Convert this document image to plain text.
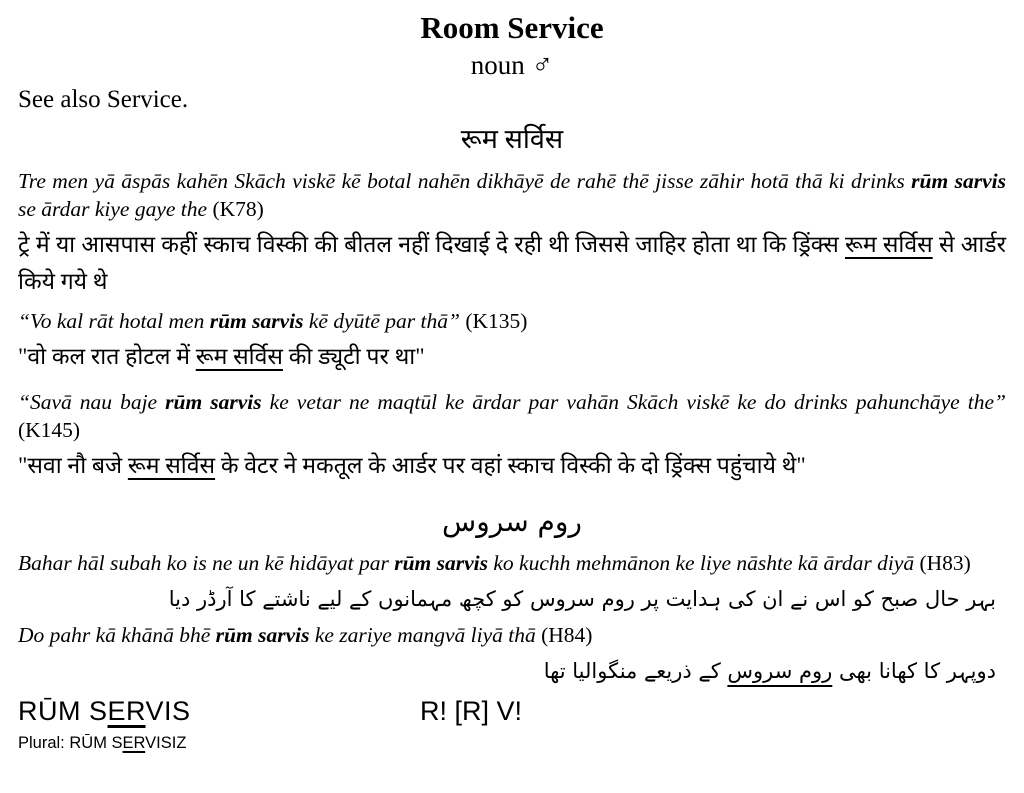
Room Service
noun ♂
See also Service.
रूम सर्विस

Tre men yā āspās kahēn Skāch viskē kē botal nahēn dikhāyē de rahē thē jisse zāhir hotā thā ki drinks rūm sarvis se ārdar kiye gaye the (K78)

ट्रे में या आसपास कहीं स्काच विस्की की बीतल नहीं दिखाई दे रही थी जिससे जाहिर होता था कि ड्रिंक्स रूम सर्विस से आर्डर किये गये थे

“Vo kal rāt hotal men rūm sarvis kē dyūtē par thā” (K135)

"वो कल रात होटल में रूम सर्विस की ड्यूटी पर था"

“Savā nau baje rūm sarvis ke vetar ne maqtūl ke ārdar par vahān Skāch viskē ke do drinks pahunchāye the” (K145)

"सवा नौ बजे रूम सर्विस के वेटर ने मकतूल के आर्डर पर वहां स्काच विस्की के दो ड्रिंक्स पहुंचाये थे"

روم سروس

Bahar hāl subah ko is ne un kē hidāyat par rūm sarvis ko kuchh mehmānon ke liye nāshte kā ārdar diyā (H83)

بہر حال صبح کو اس نے ان کی ہدایت پر روم سروس کو کچھ مہمانوں کے لیے ناشتے کا آرڈر دیا

Do pahr kā khānā bhē rūm sarvis ke zariye mangvā liyā thā (H84)

دوپہر کا کھانا بھی روم سروس کے ذریعے منگوالیا تھا

RŪM SERVIS	R! [R] V!
Plural: RŪM SERVISIZ
